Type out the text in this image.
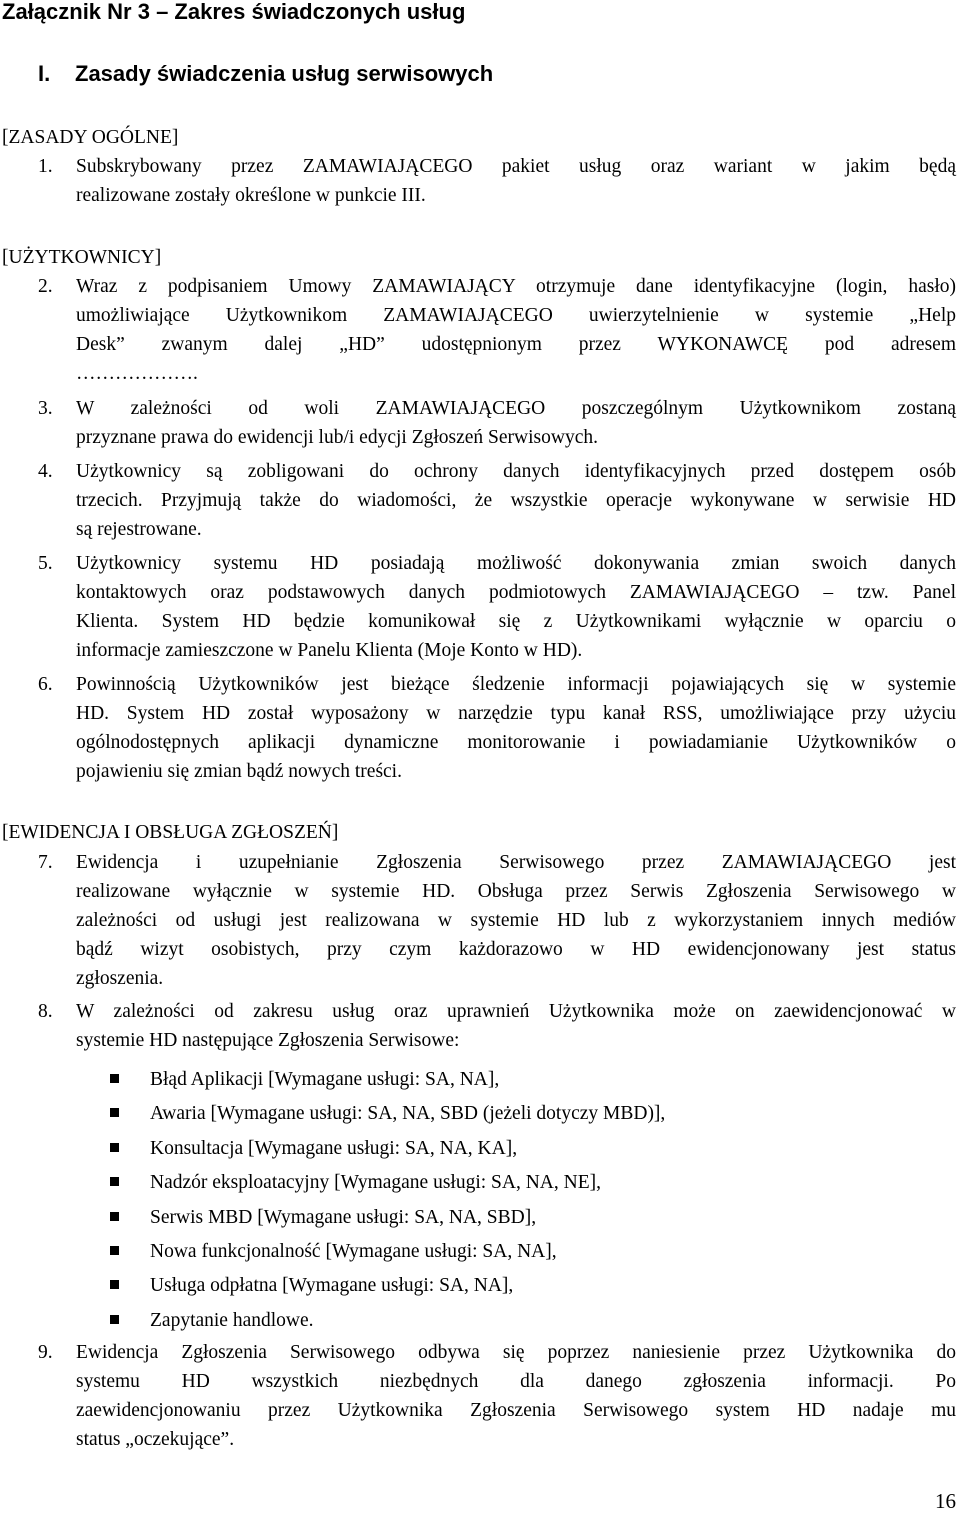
Załącznik Nr 3 – Zakres świadczonych usług
I. Zasady świadczenia usług serwisowych
[ZASADY OGÓLNE]
1. Subskrybowany przez ZAMAWIAJĄCEGO pakiet usług oraz wariant w jakim będą
realizowane zostały określone w punkcie III.
[UŻYTKOWNICY]
2. Wraz z podpisaniem Umowy ZAMAWIAJĄCY otrzymuje dane identyfikacyjne (login, hasło)
umożliwiające Użytkownikom ZAMAWIAJĄCEGO uwierzytelnienie w systemie „Help
Desk” zwanym dalej „HD” udostępnionym przez WYKONAWCĘ pod adresem
……………….
3. W zależności od woli ZAMAWIAJĄCEGO poszczególnym Użytkownikom zostaną
przyznane prawa do ewidencji lub/i edycji Zgłoszeń Serwisowych.
4. Użytkownicy są zobligowani do ochrony danych identyfikacyjnych przed dostępem osób
trzecich. Przyjmują także do wiadomości, że wszystkie operacje wykonywane w serwisie HD
są rejestrowane.
5. Użytkownicy systemu HD posiadają możliwość dokonywania zmian swoich danych
kontaktowych oraz podstawowych danych podmiotowych ZAMAWIAJĄCEGO – tzw. Panel
Klienta. System HD będzie komunikował się z Użytkownikami wyłącznie w oparciu o
informacje zamieszczone w Panelu Klienta (Moje Konto w HD).
6. Powinnością Użytkowników jest bieżące śledzenie informacji pojawiających się w systemie
HD. System HD został wyposażony w narzędzie typu kanał RSS, umożliwiające przy użyciu
ogólnodostępnych aplikacji dynamiczne monitorowanie i powiadamianie Użytkowników o
pojawieniu się zmian bądź nowych treści.
[EWIDENCJA I OBSŁUGA ZGŁOSZEŃ]
7. Ewidencja i uzupełnianie Zgłoszenia Serwisowego przez ZAMAWIAJĄCEGO jest
realizowane wyłącznie w systemie HD. Obsługa przez Serwis Zgłoszenia Serwisowego w
zależności od usługi jest realizowana w systemie HD lub z wykorzystaniem innych mediów
bądź wizyt osobistych, przy czym każdorazowo w HD ewidencjonowany jest status
zgłoszenia.
8. W zależności od zakresu usług oraz uprawnień Użytkownika może on zaewidencjonować w
systemie HD następujące Zgłoszenia Serwisowe:
Błąd Aplikacji [Wymagane usługi: SA, NA],
Awaria [Wymagane usługi: SA, NA, SBD (jeżeli dotyczy MBD)],
Konsultacja [Wymagane usługi: SA, NA, KA],
Nadzór eksploatacyjny [Wymagane usługi: SA, NA, NE],
Serwis MBD [Wymagane usługi: SA, NA, SBD],
Nowa funkcjonalność [Wymagane usługi: SA, NA],
Usługa odpłatna [Wymagane usługi: SA, NA],
Zapytanie handlowe.
9. Ewidencja Zgłoszenia Serwisowego odbywa się poprzez naniesienie przez Użytkownika do
systemu HD wszystkich niezbędnych dla danego zgłoszenia informacji. Po
zaewidencjonowaniu przez Użytkownika Zgłoszenia Serwisowego system HD nadaje mu
status „oczekujące”.
16
